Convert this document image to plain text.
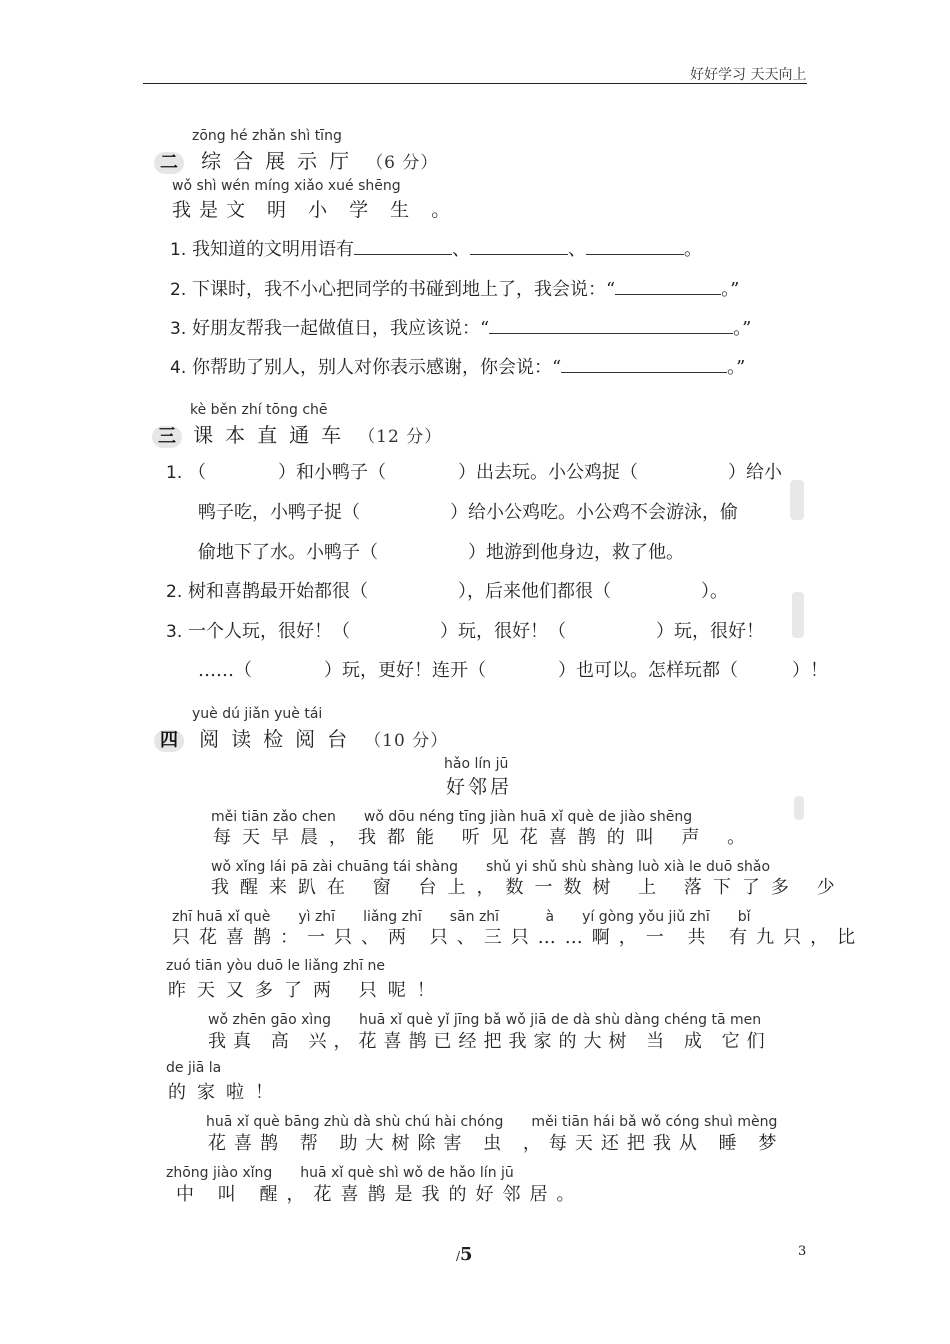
好好学习 天天向上
zōng hé zhǎn shì tīng
二 综合展示厅 （6 分）
wǒ shì wén míng xiǎo xué shēng
我是文 明 小 学 生 。
1. 我知道的文明用语有	、	、	。
2. 下课时，我不小心把同学的书碰到地上了，我会说：“	。”
3. 好朋友帮我一起做值日，我应该说：“	。”
4. 你帮助了别人，别人对你表示感谢，你会说：“	。”
kè běn zhí tōng chē
三 课本直通车 （12 分）
1. （　　　　）和小鸭子（　　　　）出去玩。小公鸡捉（　　　　　）给小
鸭子吃，小鸭子捉（　　　　　）给小公鸡吃。小公鸡不会游泳，偷
偷地下了水。小鸭子（　　　　　）地游到他身边，救了他。
2. 树和喜鹊最开始都很（　　　　　），后来他们都很（　　　　　）。
3. 一个人玩，很好！（　　　　　）玩，很好！（　　　　　）玩，很好！
……（　　　　）玩，更好！连开（　　　　）也可以。怎样玩都（　　　）！
yuè dú jiǎn yuè tái
四 阅读检阅台 （10 分）
hǎo lín jū
好邻居
měi tiān zǎo chen　　wǒ dōu néng tīng jiàn huā xǐ què de jiào shēng
每天早晨，我都能 听见花喜鹊的叫 声 。
wǒ xǐng lái pā zài chuāng tái shàng　　shǔ yi shǔ shù shàng luò xià le duō shǎo
我醒来趴在 窗 台上，数一数树 上 落下了多 少
zhī huā xǐ què　　yì zhī　　liǎng zhī　　sān zhī　　　 à　　yí gòng yǒu jiǔ zhī　　bǐ
只花喜鹊：一只、两 只、三只……啊，一 共 有九只，比
zuó tiān yòu duō le liǎng zhī ne
昨天又多了两 只呢！
wǒ zhēn gāo xìng　　huā xǐ què yǐ jīng bǎ wǒ jiā de dà shù dàng chéng tā men
我真 高 兴，花喜鹊已经把我家的大树 当 成 它们
de jiā la
的家啦！
huā xǐ què bāng zhù dà shù chú hài chóng　　měi tiān hái bǎ wǒ cóng shuì mèng
花喜鹊 帮 助大树除害 虫 ，每天还把我从 睡 梦
zhōng jiào xǐng　　huā xǐ què shì wǒ de hǎo lín jū
中 叫 醒，花喜鹊是我的好邻居。
/5	3
